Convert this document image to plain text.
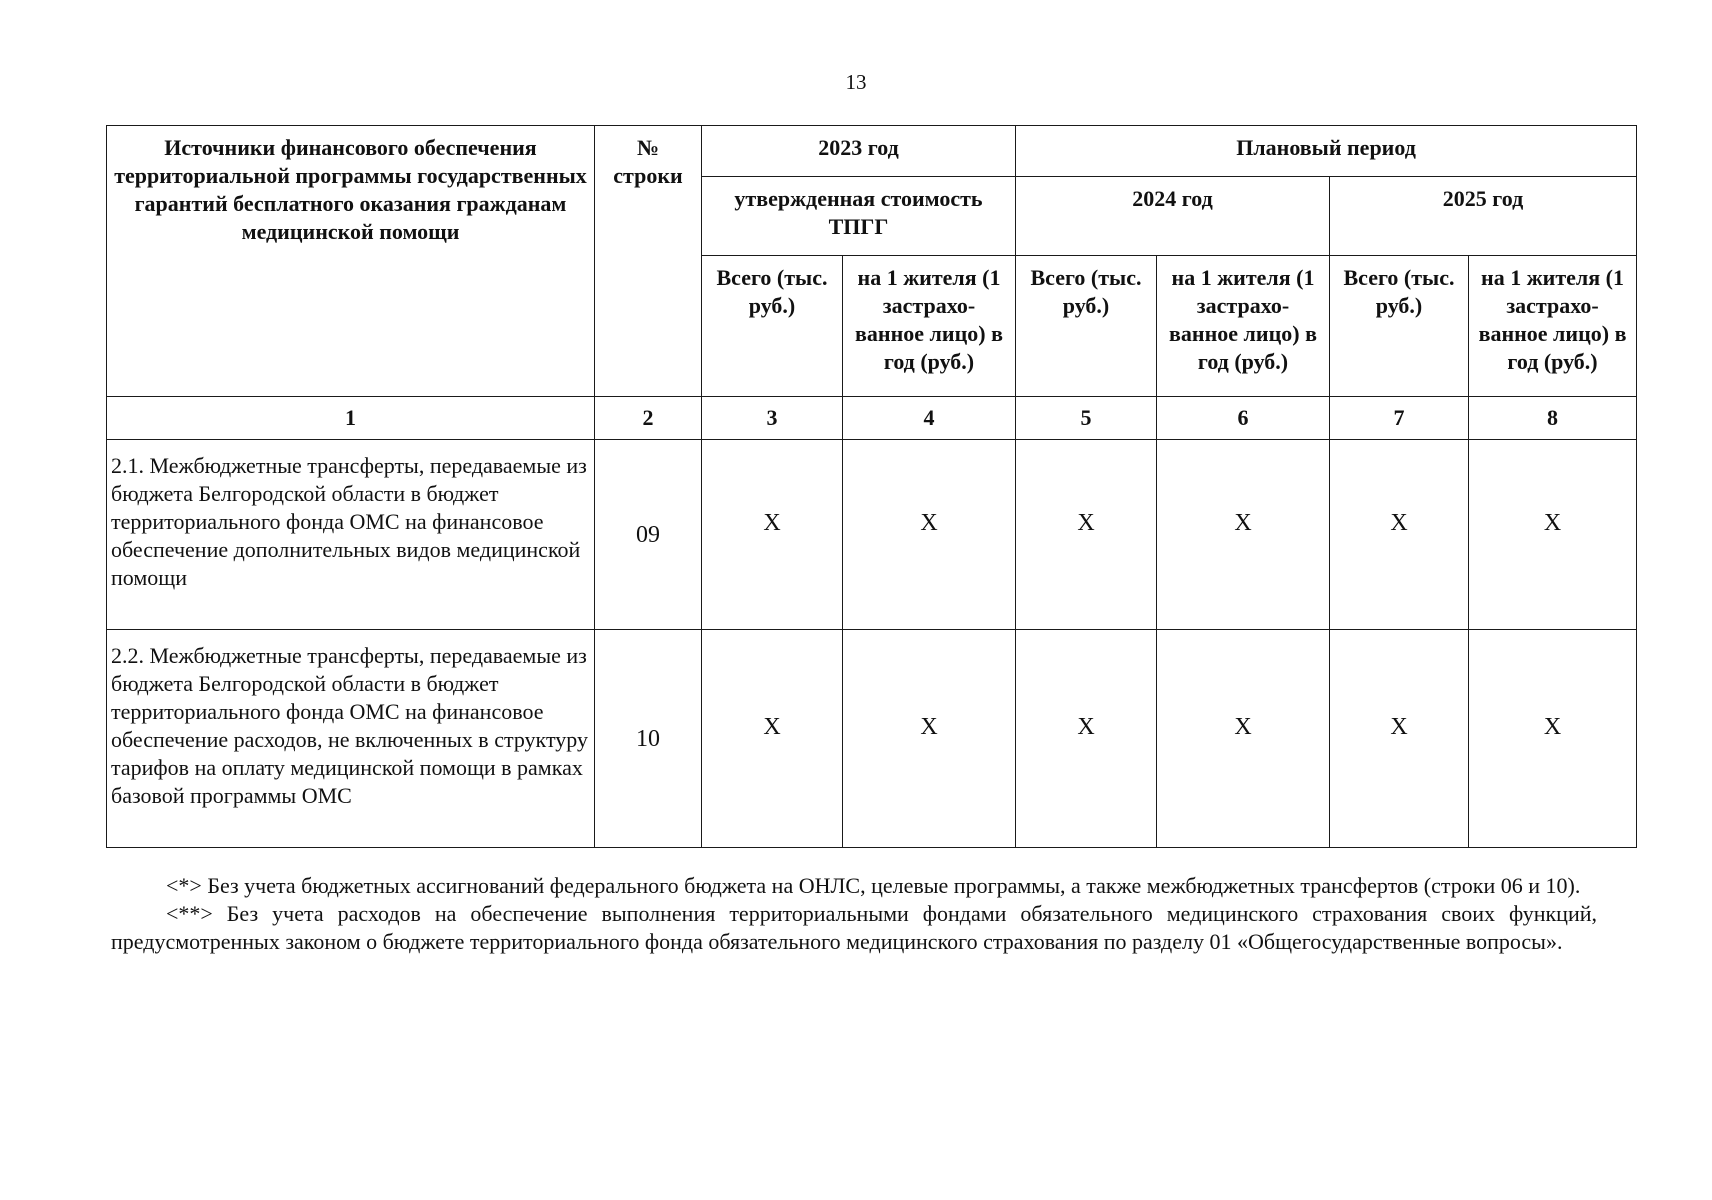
13
Источники финансового обеспечения территориальной программы государственных гарантий бесплатного оказания гражданам медицинской помощи	№ строки	2023 год		Плановый период			
		утвержденная стоимость ТПГГ		2024 год		2025 год	
		Всего (тыс. руб.)	на 1 жителя (1 застрахо-ванное лицо) в год (руб.)	Всего (тыс. руб.)	на 1 жителя (1 застрахо-ванное лицо) в год (руб.)	Всего (тыс. руб.)	на 1 жителя (1 застрахо-ванное лицо) в год (руб.)
1	2	3	4	5	6	7	8
2.1. Межбюджетные трансферты, передаваемые из бюджета Белгородской области в бюджет территориального фонда ОМС на финансовое обеспечение дополнительных видов медицинской помощи	09	X	X	X	X	X	X
2.2. Межбюджетные трансферты, передаваемые из бюджета Белгородской области в бюджет территориального фонда ОМС на финансовое обеспечение расходов, не включенных в структуру тарифов на оплату медицинской помощи в рамках базовой программы ОМС	10	X	X	X	X	X	X

<*> Без учета бюджетных ассигнований федерального бюджета на ОНЛС, целевые программы, а также межбюджетных трансфертов (строки 06 и 10).

<**> Без учета расходов на обеспечение выполнения территориальными фондами обязательного медицинского страхования своих функций, предусмотренных законом о бюджете территориального фонда обязательного медицинского страхования по разделу 01 «Общегосударственные вопросы».
